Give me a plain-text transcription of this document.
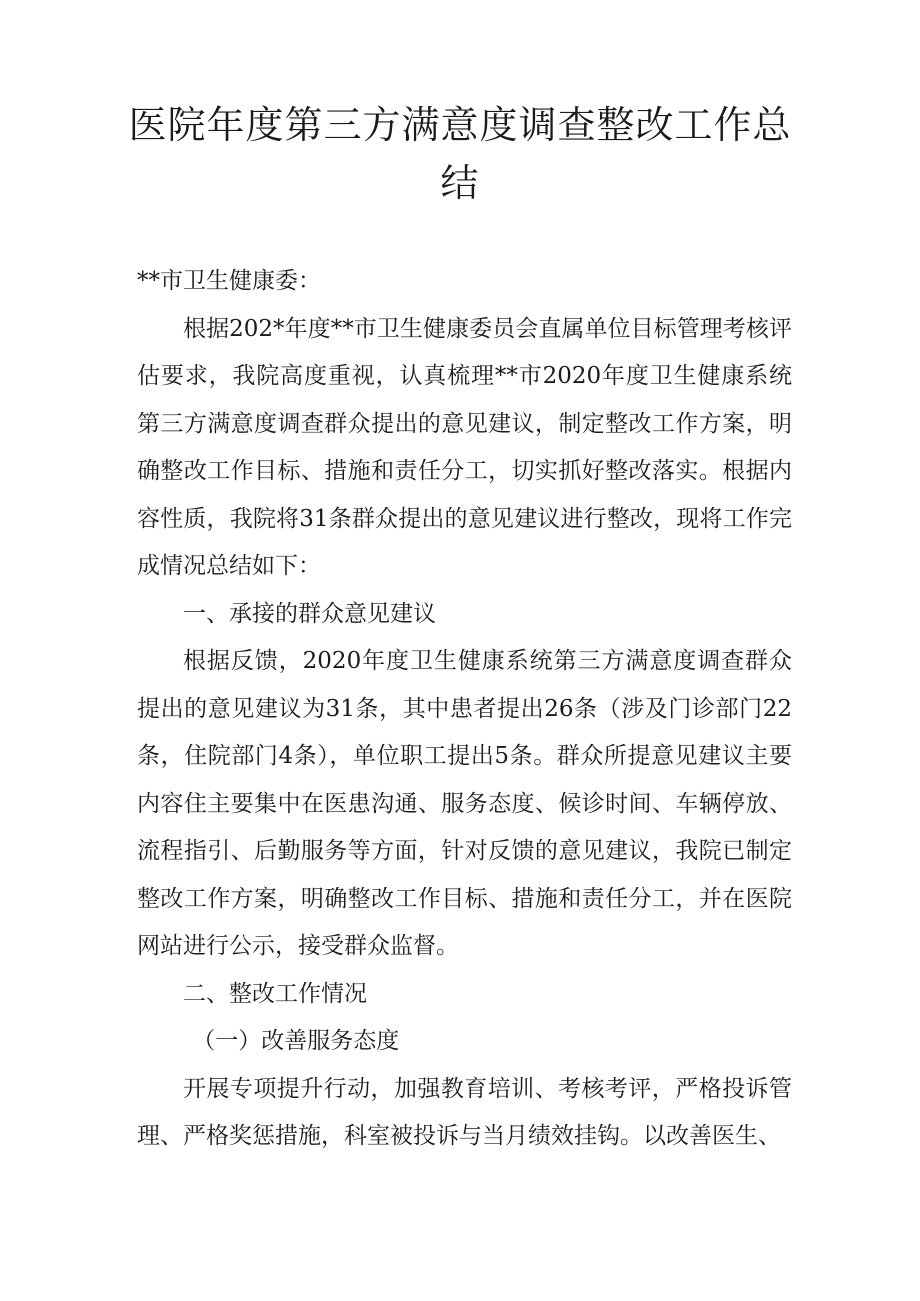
医院年度第三方满意度调查整改工作总结

**市卫生健康委：

根据202*年度**市卫生健康委员会直属单位目标管理考核评估要求，我院高度重视，认真梳理**市2020年度卫生健康系统第三方满意度调查群众提出的意见建议，制定整改工作方案，明确整改工作目标、措施和责任分工，切实抓好整改落实。根据内容性质，我院将31条群众提出的意见建议进行整改，现将工作完成情况总结如下：

一、承接的群众意见建议

根据反馈，2020年度卫生健康系统第三方满意度调查群众提出的意见建议为31条，其中患者提出26条（涉及门诊部门22条，住院部门4条），单位职工提出5条。群众所提意见建议主要内容住主要集中在医患沟通、服务态度、候诊时间、车辆停放、流程指引、后勤服务等方面，针对反馈的意见建议，我院已制定整改工作方案，明确整改工作目标、措施和责任分工，并在医院网站进行公示，接受群众监督。

二、整改工作情况

（一）改善服务态度

开展专项提升行动，加强教育培训、考核考评，严格投诉管理、严格奖惩措施，科室被投诉与当月绩效挂钩。以改善医生、
